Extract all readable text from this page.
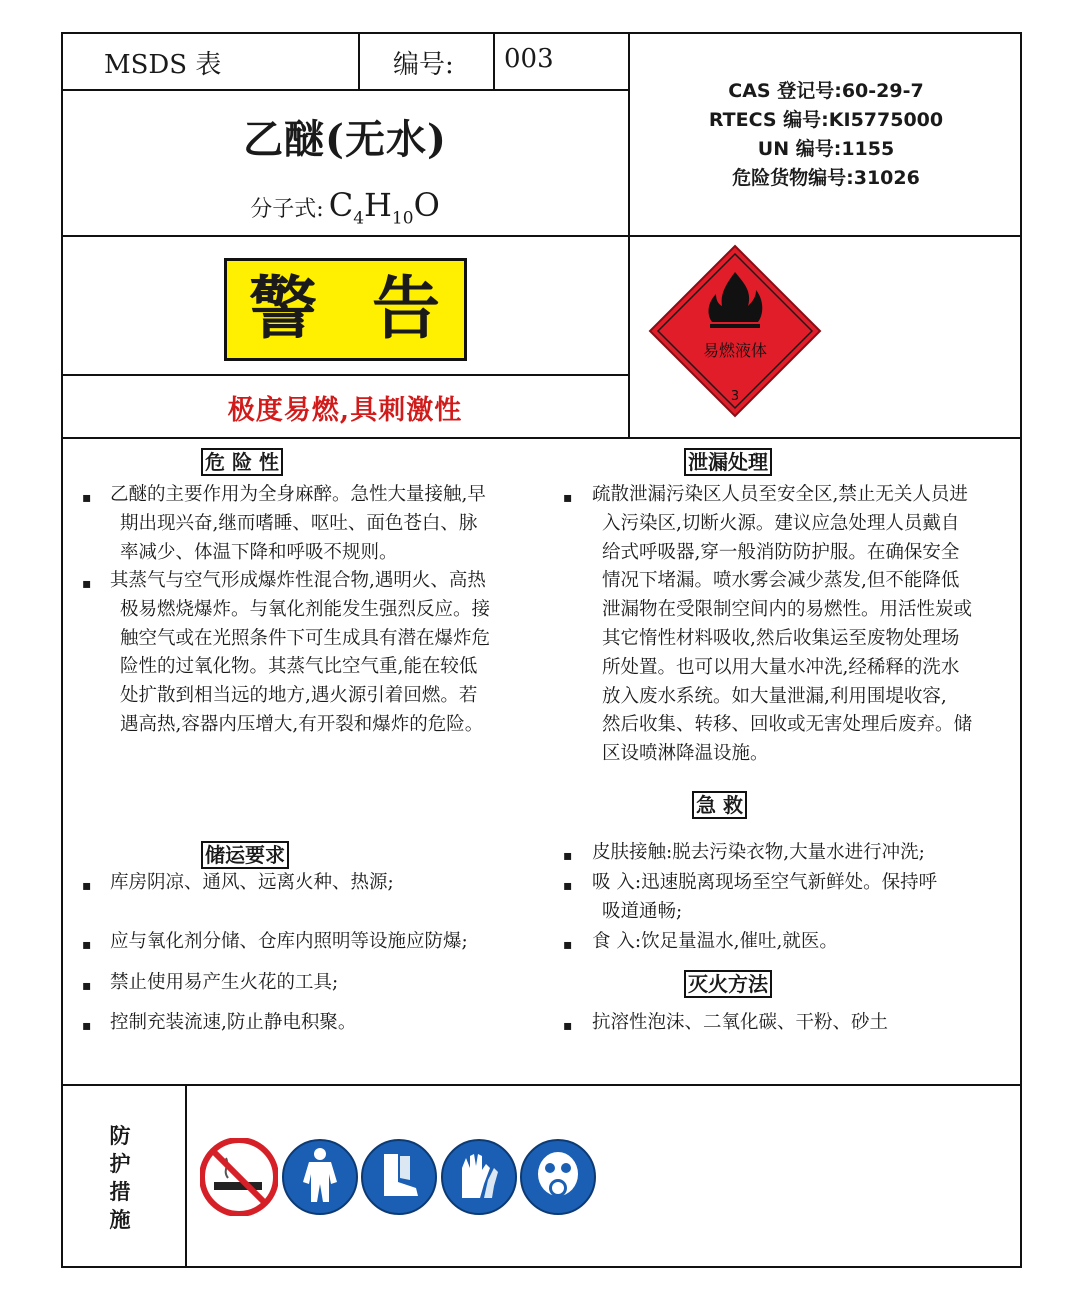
MSDS 表	编号: 003
乙醚(无水)
分子式: $C_4H_{10}O$
CAS 登记号:60-29-7
RTECS 编号:KI5775000
UN 编号:1155
危险货物编号:31026
警 告
极度易燃,具刺激性
易燃液体
3
危 险 性
▪
▪
乙醚的主要作用为全身麻醉。急性大量接触,早
期出现兴奋,继而嗜睡、呕吐、面色苍白、脉
率减少、体温下降和呼吸不规则。
其蒸气与空气形成爆炸性混合物,遇明火、高热
极易燃烧爆炸。与氧化剂能发生强烈反应。接
触空气或在光照条件下可生成具有潜在爆炸危
险性的过氧化物。其蒸气比空气重,能在较低
处扩散到相当远的地方,遇火源引着回燃。若
遇高热,容器内压增大,有开裂和爆炸的危险。
泄漏处理
▪ 疏散泄漏污染区人员至安全区,禁止无关人员进
入污染区,切断火源。建议应急处理人员戴自
给式呼吸器,穿一般消防防护服。在确保安全
情况下堵漏。喷水雾会减少蒸发,但不能降低
泄漏物在受限制空间内的易燃性。用活性炭或
其它惰性材料吸收,然后收集运至废物处理场
所处置。也可以用大量水冲洗,经稀释的洗水
放入废水系统。如大量泄漏,利用围堤收容,
然后收集、转移、回收或无害处理后废弃。储
区设喷淋降温设施。
急 救
▪ 皮肤接触:脱去污染衣物,大量水进行冲洗;
▪ 吸 入:迅速脱离现场至空气新鲜处。保持呼
吸道通畅;
▪ 食 入:饮足量温水,催吐,就医。
灭火方法
▪ 抗溶性泡沫、二氧化碳、干粉、砂土
储运要求
▪ 库房阴凉、通风、远离火种、热源;
▪ 应与氧化剂分储、仓库内照明等设施应防爆;
▪ 禁止使用易产生火花的工具;
▪ 控制充装流速,防止静电积聚。
防
护
措
施
